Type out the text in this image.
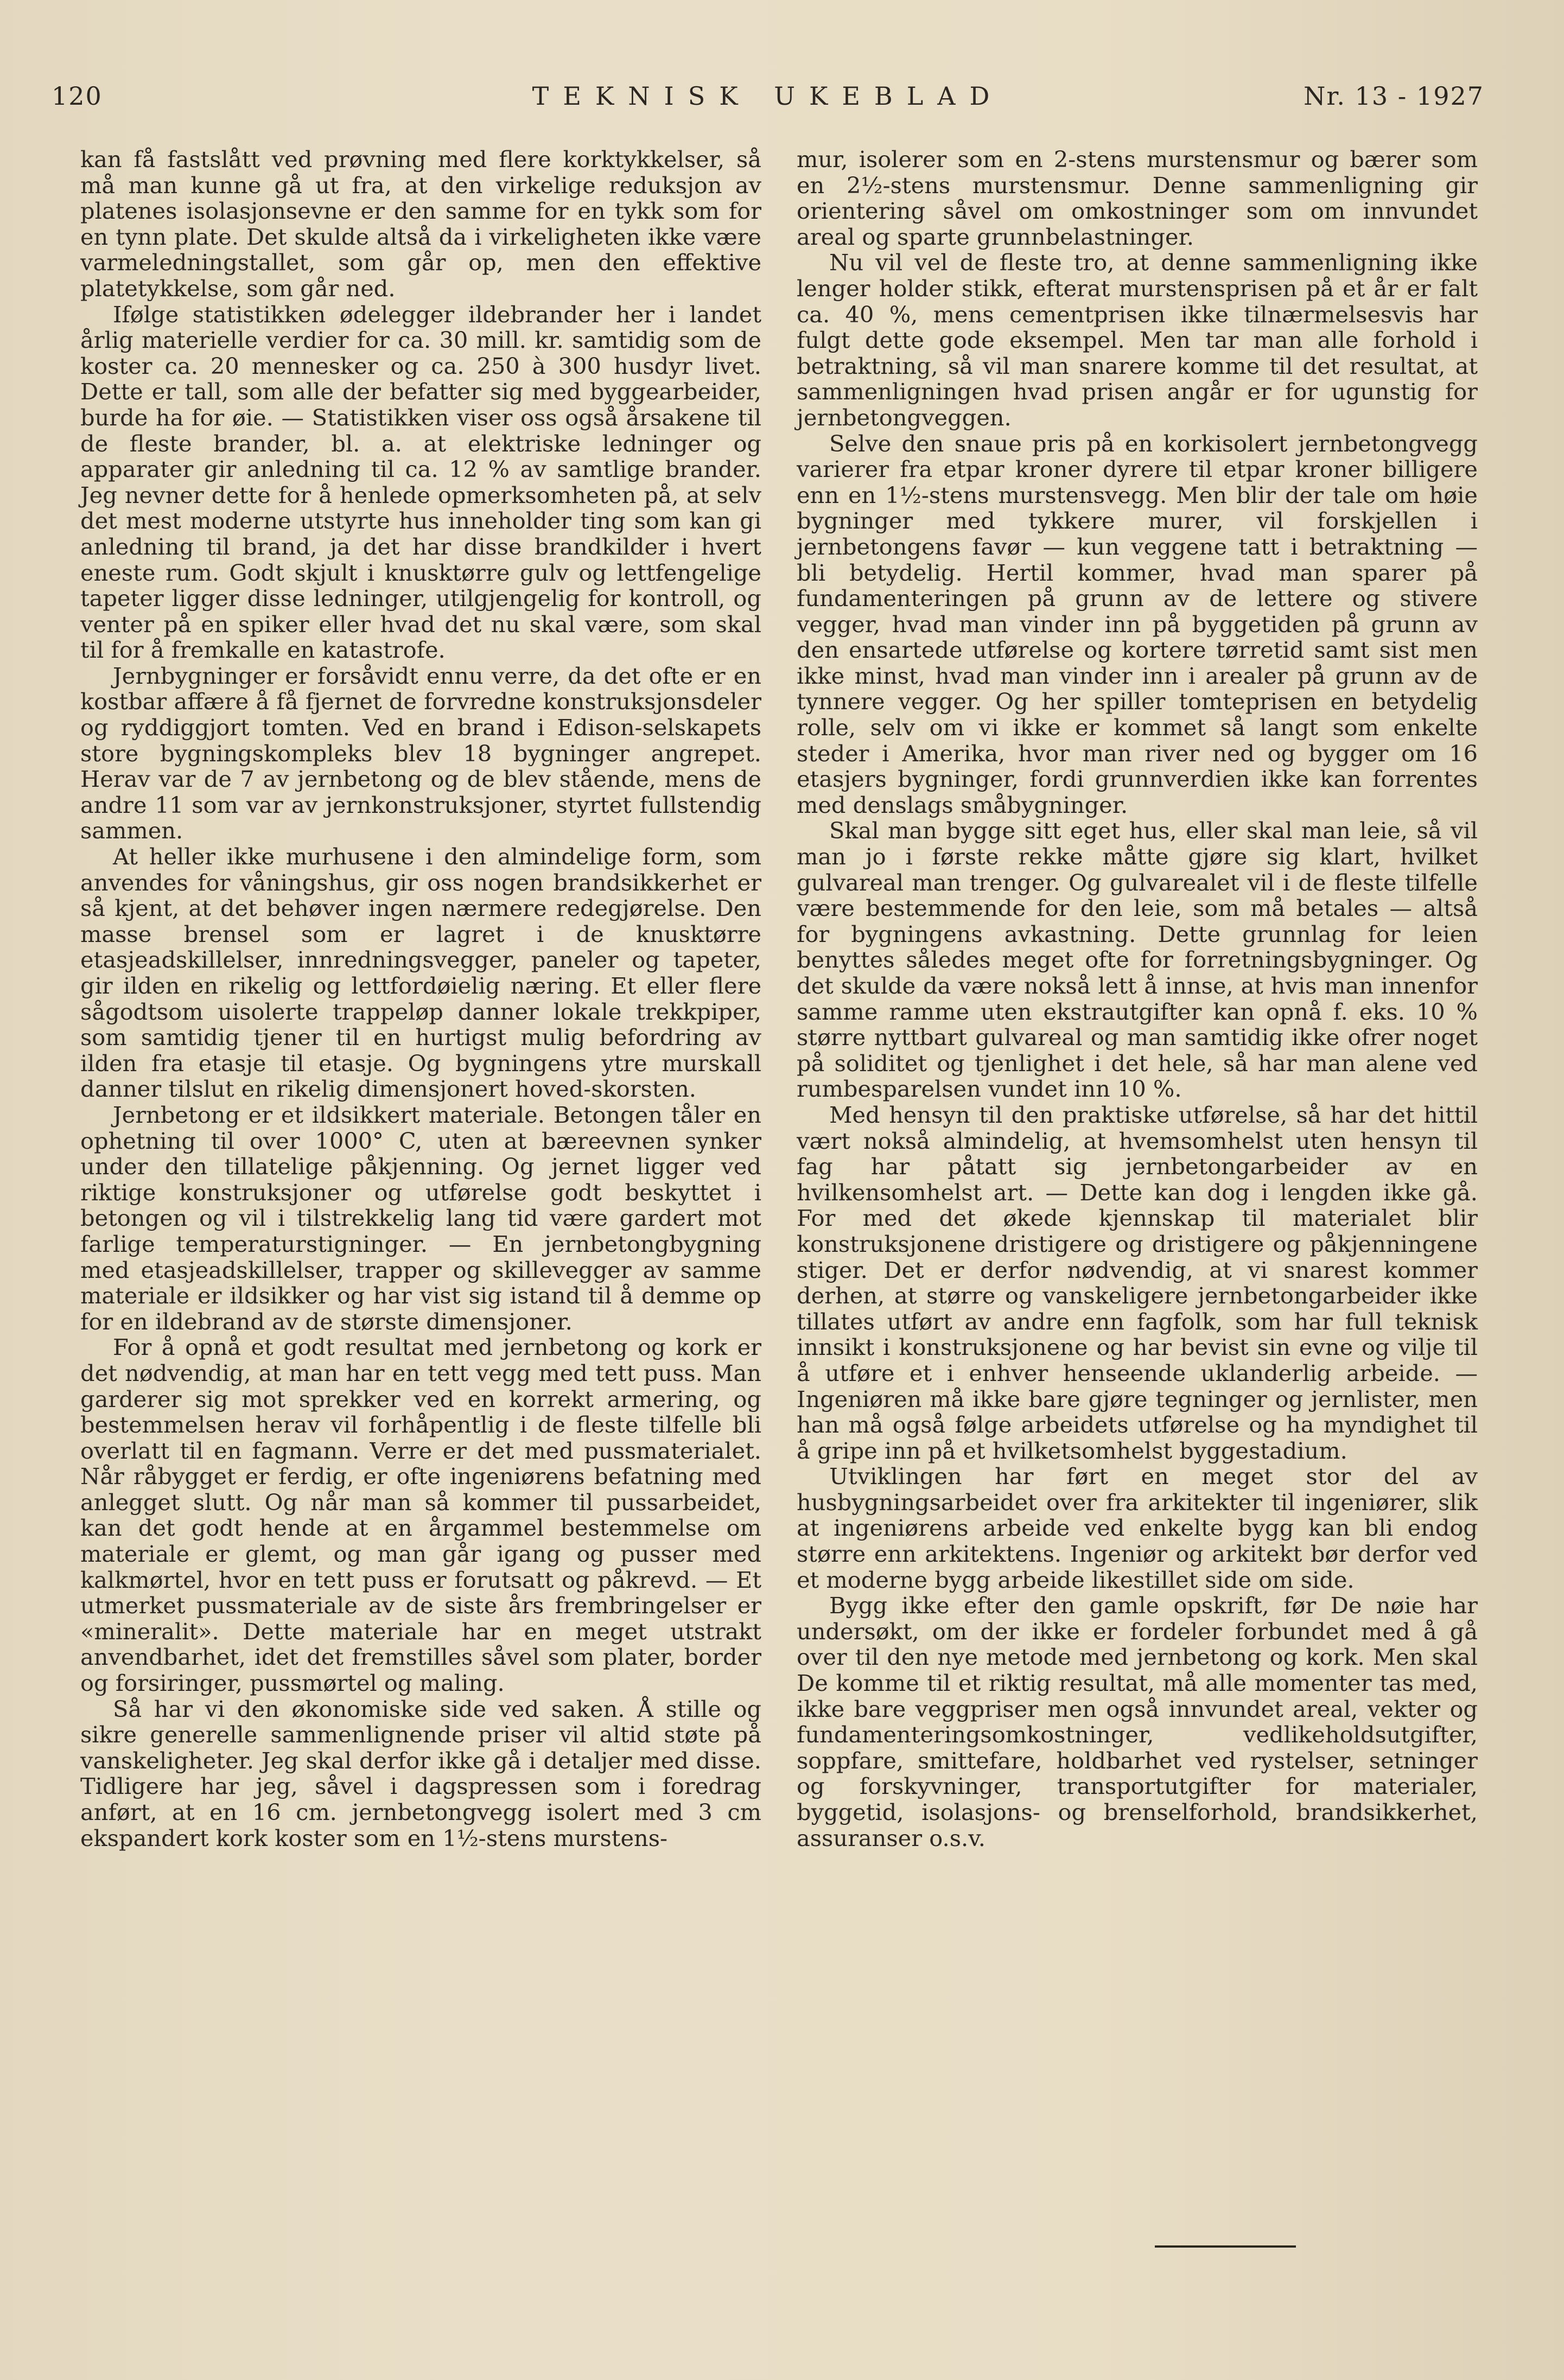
120	TEKNISK UKEBLAD	Nr. 13 - 1927

kan få fastslått ved prøvning med flere korktykkelser, så må man kunne gå ut fra, at den virkelige reduksjon av platenes isolasjonsevne er den samme for en tykk som for en tynn plate. Det skulde altså da i virkeligheten ikke være varmeledningstallet, som går op, men den effektive platetykkelse, som går ned.

Ifølge statistikken ødelegger ildebrander her i landet årlig materielle verdier for ca. 30 mill. kr. samtidig som de koster ca. 20 mennesker og ca. 250 à 300 husdyr livet. Dette er tall, som alle der befatter sig med byggearbeider, burde ha for øie. — Statistikken viser oss også årsakene til de fleste brander, bl. a. at elektriske ledninger og apparater gir anledning til ca. 12 % av samtlige brander. Jeg nevner dette for å henlede opmerksomheten på, at selv det mest moderne utstyrte hus inneholder ting som kan gi anledning til brand, ja det har disse brandkilder i hvert eneste rum. Godt skjult i knusktørre gulv og lettfengelige tapeter ligger disse ledninger, utilgjengelig for kontroll, og venter på en spiker eller hvad det nu skal være, som skal til for å fremkalle en katastrofe.

Jernbygninger er forsåvidt ennu verre, da det ofte er en kostbar affære å få fjernet de forvredne konstruksjonsdeler og ryddiggjort tomten. Ved en brand i Edison-selskapets store bygningskompleks blev 18 bygninger angrepet. Herav var de 7 av jernbetong og de blev stående, mens de andre 11 som var av jernkonstruksjoner, styrtet fullstendig sammen.

At heller ikke murhusene i den almindelige form, som anvendes for våningshus, gir oss nogen brandsikkerhet er så kjent, at det behøver ingen nærmere redegjørelse. Den masse brensel som er lagret i de knusktørre etasjeadskillelser, innredningsvegger, paneler og tapeter, gir ilden en rikelig og lettfordøielig næring. Et eller flere sågodtsom uisolerte trappeløp danner lokale trekkpiper, som samtidig tjener til en hurtigst mulig befordring av ilden fra etasje til etasje. Og bygningens ytre murskall danner tilslut en rikelig dimensjonert hoved-skorsten.

Jernbetong er et ildsikkert materiale. Betongen tåler en ophetning til over 1000° C, uten at bæreevnen synker under den tillatelige påkjenning. Og jernet ligger ved riktige konstruksjoner og utførelse godt beskyttet i betongen og vil i tilstrekkelig lang tid være gardert mot farlige temperaturstigninger. — En jernbetongbygning med etasjeadskillelser, trapper og skillevegger av samme materiale er ildsikker og har vist sig istand til å demme op for en ildebrand av de største dimensjoner.

For å opnå et godt resultat med jernbetong og kork er det nødvendig, at man har en tett vegg med tett puss. Man garderer sig mot sprekker ved en korrekt armering, og bestemmelsen herav vil forhåpentlig i de fleste tilfelle bli overlatt til en fagmann. Verre er det med pussmaterialet. Når råbygget er ferdig, er ofte ingeniørens befatning med anlegget slutt. Og når man så kommer til pussarbeidet, kan det godt hende at en årgammel bestemmelse om materiale er glemt, og man går igang og pusser med kalkmørtel, hvor en tett puss er forutsatt og påkrevd. — Et utmerket pussmateriale av de siste års frembringelser er «mineralit». Dette materiale har en meget utstrakt anvendbarhet, idet det fremstilles såvel som plater, border og forsiringer, pussmørtel og maling.

Så har vi den økonomiske side ved saken. Å stille og sikre generelle sammenlignende priser vil altid støte på vanskeligheter. Jeg skal derfor ikke gå i detaljer med disse. Tidligere har jeg, såvel i dagspressen som i foredrag anført, at en 16 cm. jernbetongvegg isolert med 3 cm ekspandert kork koster som en 1½-stens murstens-

mur, isolerer som en 2-stens murstensmur og bærer som en 2½-stens murstensmur. Denne sammenligning gir orientering såvel om omkostninger som om innvundet areal og sparte grunnbelastninger.

Nu vil vel de fleste tro, at denne sammenligning ikke lenger holder stikk, efterat murstensprisen på et år er falt ca. 40 %, mens cementprisen ikke tilnærmelsesvis har fulgt dette gode eksempel. Men tar man alle forhold i betraktning, så vil man snarere komme til det resultat, at sammenligningen hvad prisen angår er for ugunstig for jernbetongveggen.

Selve den snaue pris på en korkisolert jernbetongvegg varierer fra etpar kroner dyrere til etpar kroner billigere enn en 1½-stens murstensvegg. Men blir der tale om høie bygninger med tykkere murer, vil forskjellen i jernbetongens favør — kun veggene tatt i betraktning — bli betydelig. Hertil kommer, hvad man sparer på fundamenteringen på grunn av de lettere og stivere vegger, hvad man vinder inn på byggetiden på grunn av den ensartede utførelse og kortere tørretid samt sist men ikke minst, hvad man vinder inn i arealer på grunn av de tynnere vegger. Og her spiller tomteprisen en betydelig rolle, selv om vi ikke er kommet så langt som enkelte steder i Amerika, hvor man river ned og bygger om 16 etasjers bygninger, fordi grunnverdien ikke kan forrentes med denslags småbygninger.

Skal man bygge sitt eget hus, eller skal man leie, så vil man jo i første rekke måtte gjøre sig klart, hvilket gulvareal man trenger. Og gulvarealet vil i de fleste tilfelle være bestemmende for den leie, som må betales — altså for bygningens avkastning. Dette grunnlag for leien benyttes således meget ofte for forretningsbygninger. Og det skulde da være nokså lett å innse, at hvis man innenfor samme ramme uten ekstrautgifter kan opnå f. eks. 10 % større nyttbart gulvareal og man samtidig ikke ofrer noget på soliditet og tjenlighet i det hele, så har man alene ved rumbesparelsen vundet inn 10 %.

Med hensyn til den praktiske utførelse, så har det hittil vært nokså almindelig, at hvemsomhelst uten hensyn til fag har påtatt sig jernbetongarbeider av en hvilkensomhelst art. — Dette kan dog i lengden ikke gå. For med det økede kjennskap til materialet blir konstruksjonene dristigere og dristigere og påkjenningene stiger. Det er derfor nødvendig, at vi snarest kommer derhen, at større og vanskeligere jernbetongarbeider ikke tillates utført av andre enn fagfolk, som har full teknisk innsikt i konstruksjonene og har bevist sin evne og vilje til å utføre et i enhver henseende uklanderlig arbeide. — Ingeniøren må ikke bare gjøre tegninger og jernlister, men han må også følge arbeidets utførelse og ha myndighet til å gripe inn på et hvilketsomhelst byggestadium.

Utviklingen har ført en meget stor del av husbygningsarbeidet over fra arkitekter til ingeniører, slik at ingeniørens arbeide ved enkelte bygg kan bli endog større enn arkitektens. Ingeniør og arkitekt bør derfor ved et moderne bygg arbeide likestillet side om side.

Bygg ikke efter den gamle opskrift, før De nøie har undersøkt, om der ikke er fordeler forbundet med å gå over til den nye metode med jernbetong og kork. Men skal De komme til et riktig resultat, må alle momenter tas med, ikke bare veggpriser men også innvundet areal, vekter og fundamenteringsomkostninger, vedlikeholdsutgifter, soppfare, smittefare, holdbarhet ved rystelser, setninger og forskyvninger, transportutgifter for materialer, byggetid, isolasjons- og brenselforhold, brandsikkerhet, assuranser o.s.v.
